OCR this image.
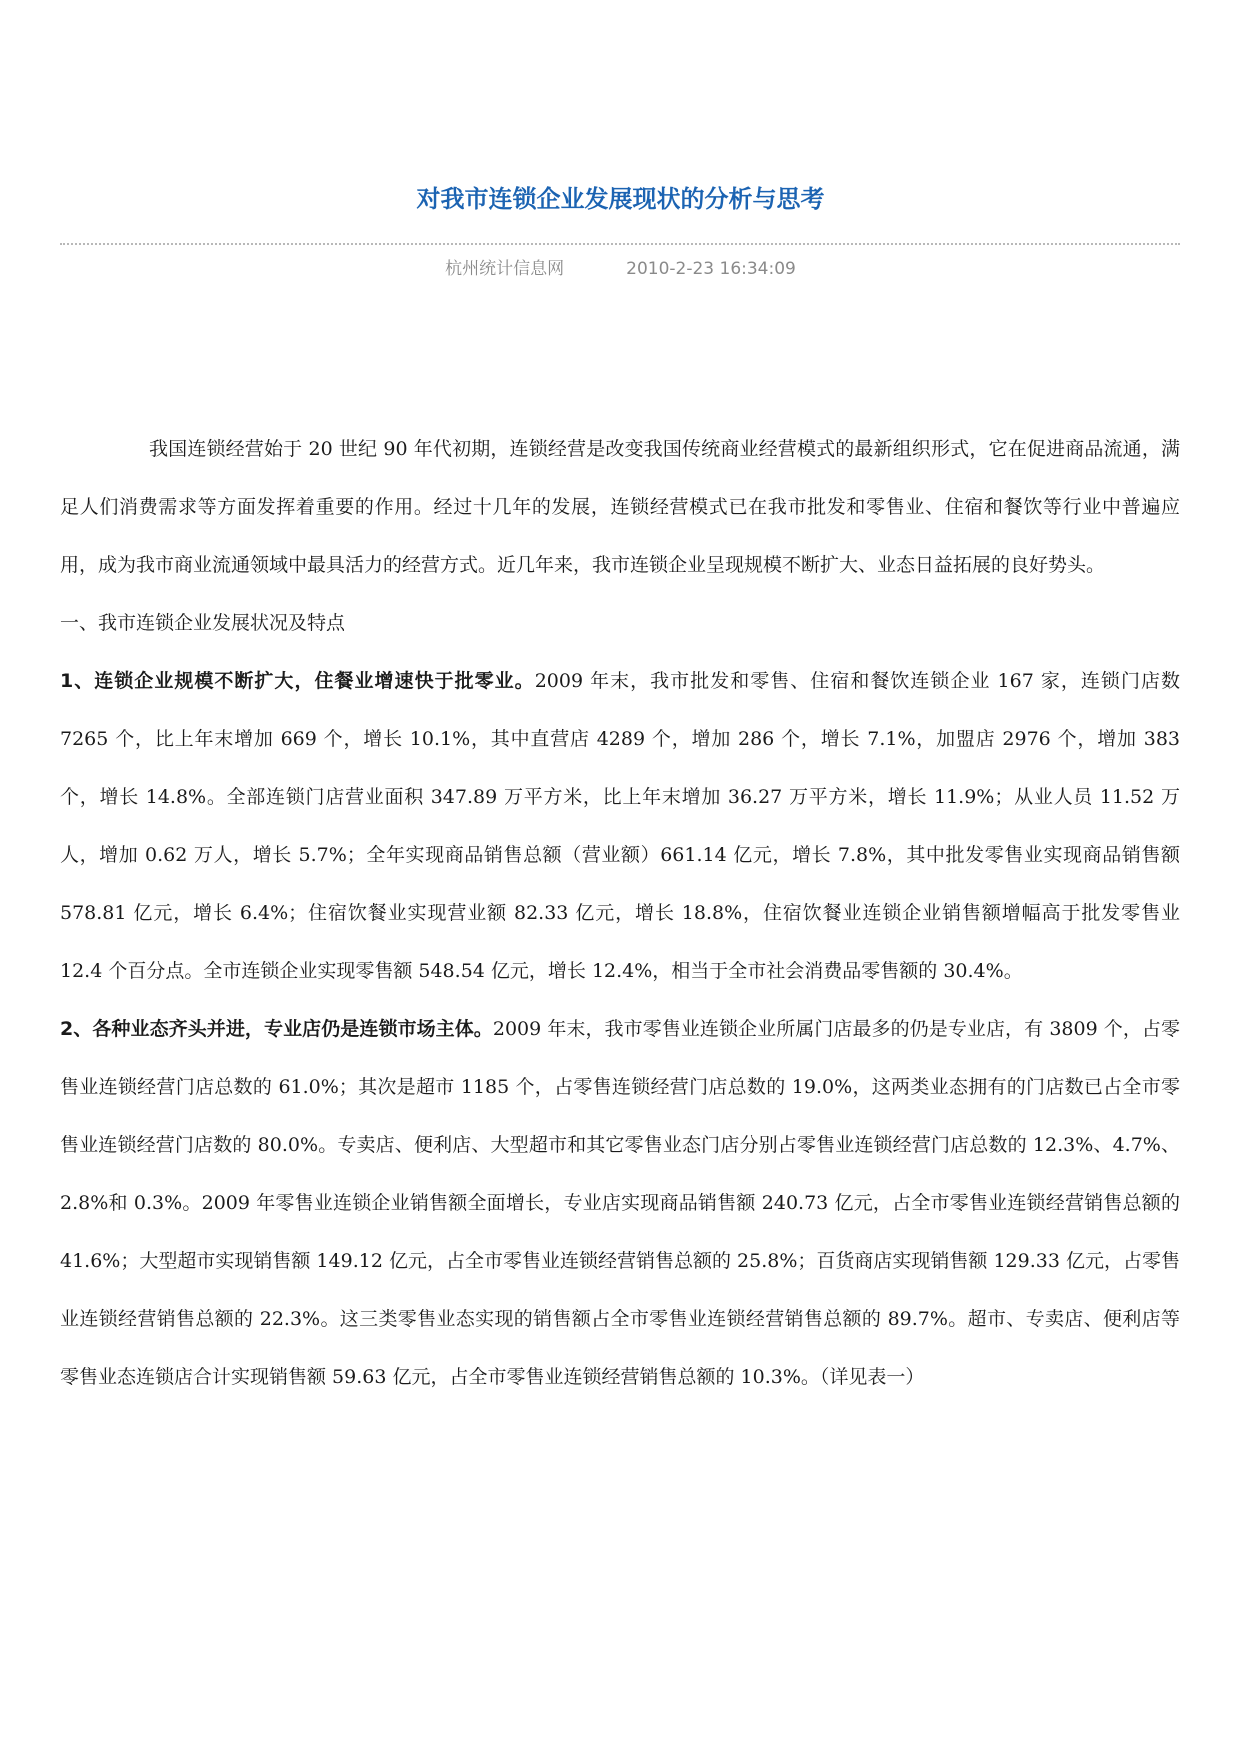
对我市连锁企业发展现状的分析与思考
杭州统计信息网	2010-2-23 16:34:09

我国连锁经营始于 20 世纪 90 年代初期，连锁经营是改变我国传统商业经营模式的最新组织形式，它在促进商品流通，满足人们消费需求等方面发挥着重要的作用。经过十几年的发展，连锁经营模式已在我市批发和零售业、住宿和餐饮等行业中普遍应用，成为我市商业流通领域中最具活力的经营方式。近几年来，我市连锁企业呈现规模不断扩大、业态日益拓展的良好势头。

一、我市连锁企业发展状况及特点

1、连锁企业规模不断扩大，住餐业增速快于批零业。2009 年末，我市批发和零售、住宿和餐饮连锁企业 167 家，连锁门店数 7265 个，比上年末增加 669 个，增长 10.1%，其中直营店 4289 个，增加 286 个，增长 7.1%，加盟店 2976 个，增加 383 个，增长 14.8%。全部连锁门店营业面积 347.89 万平方米，比上年末增加 36.27 万平方米，增长 11.9%；从业人员 11.52 万人，增加 0.62 万人，增长 5.7%；全年实现商品销售总额（营业额）661.14 亿元，增长 7.8%，其中批发零售业实现商品销售额 578.81 亿元，增长 6.4%；住宿饮餐业实现营业额 82.33 亿元，增长 18.8%，住宿饮餐业连锁企业销售额增幅高于批发零售业 12.4 个百分点。全市连锁企业实现零售额 548.54 亿元，增长 12.4%，相当于全市社会消费品零售额的 30.4%。

2、各种业态齐头并进，专业店仍是连锁市场主体。2009 年末，我市零售业连锁企业所属门店最多的仍是专业店，有 3809 个，占零售业连锁经营门店总数的 61.0%；其次是超市 1185 个，占零售连锁经营门店总数的 19.0%，这两类业态拥有的门店数已占全市零售业连锁经营门店数的 80.0%。专卖店、便利店、大型超市和其它零售业态门店分别占零售业连锁经营门店总数的 12.3%、4.7%、2.8%和 0.3%。2009 年零售业连锁企业销售额全面增长，专业店实现商品销售额 240.73 亿元，占全市零售业连锁经营销售总额的 41.6%；大型超市实现销售额 149.12 亿元，占全市零售业连锁经营销售总额的 25.8%；百货商店实现销售额 129.33 亿元，占零售业连锁经营销售总额的 22.3%。这三类零售业态实现的销售额占全市零售业连锁经营销售总额的 89.7%。超市、专卖店、便利店等零售业态连锁店合计实现销售额 59.63 亿元，占全市零售业连锁经营销售总额的 10.3%。（详见表一）
